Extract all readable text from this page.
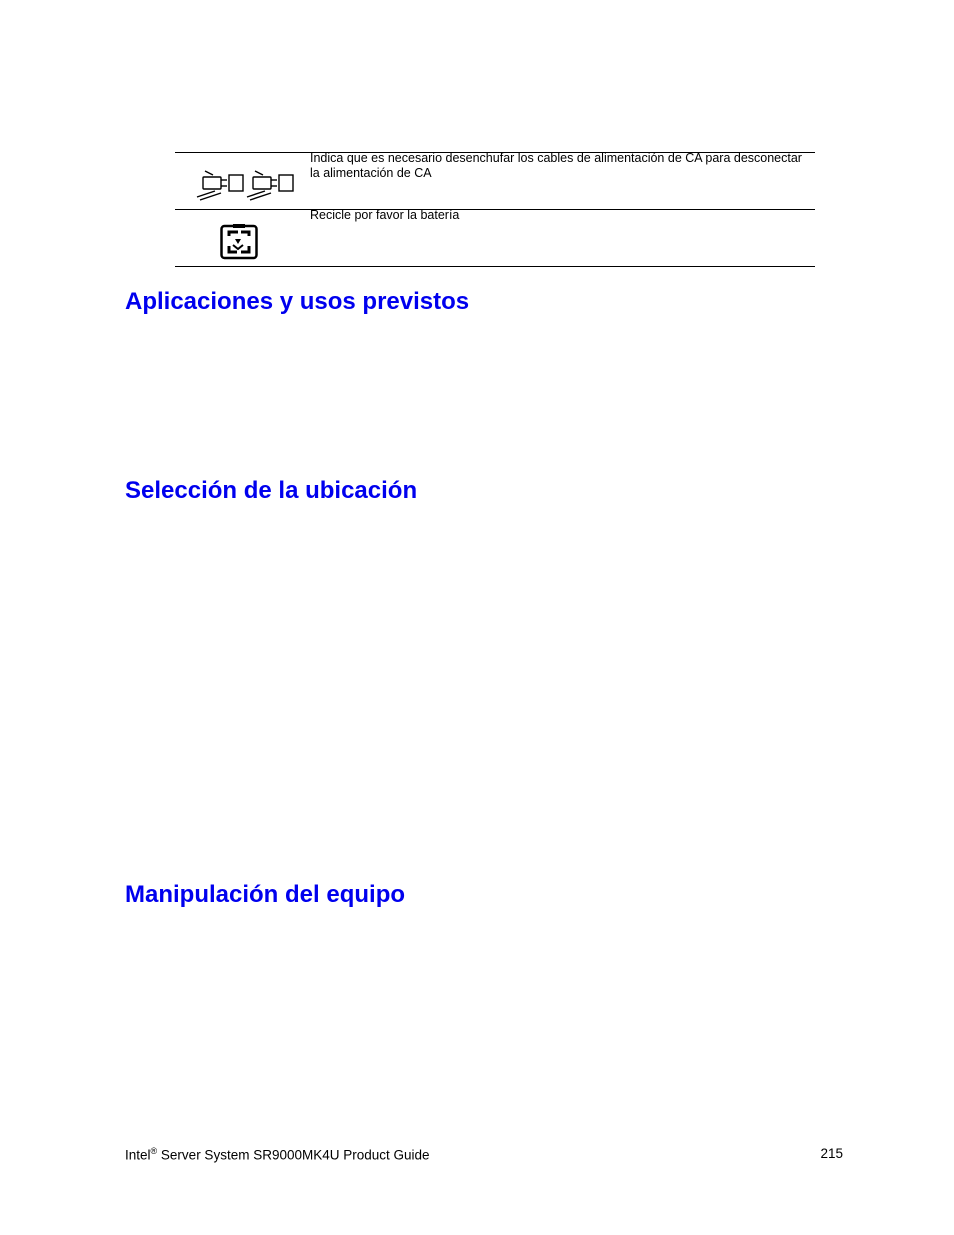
Indica que es necesario desenchufar los cables de alimentación de CA para desconectar la alimentación de CA
Recicle por favor la batería
Aplicaciones y usos previstos
Selección de la ubicación
Manipulación del equipo
Intel® Server System SR9000MK4U Product Guide	215
